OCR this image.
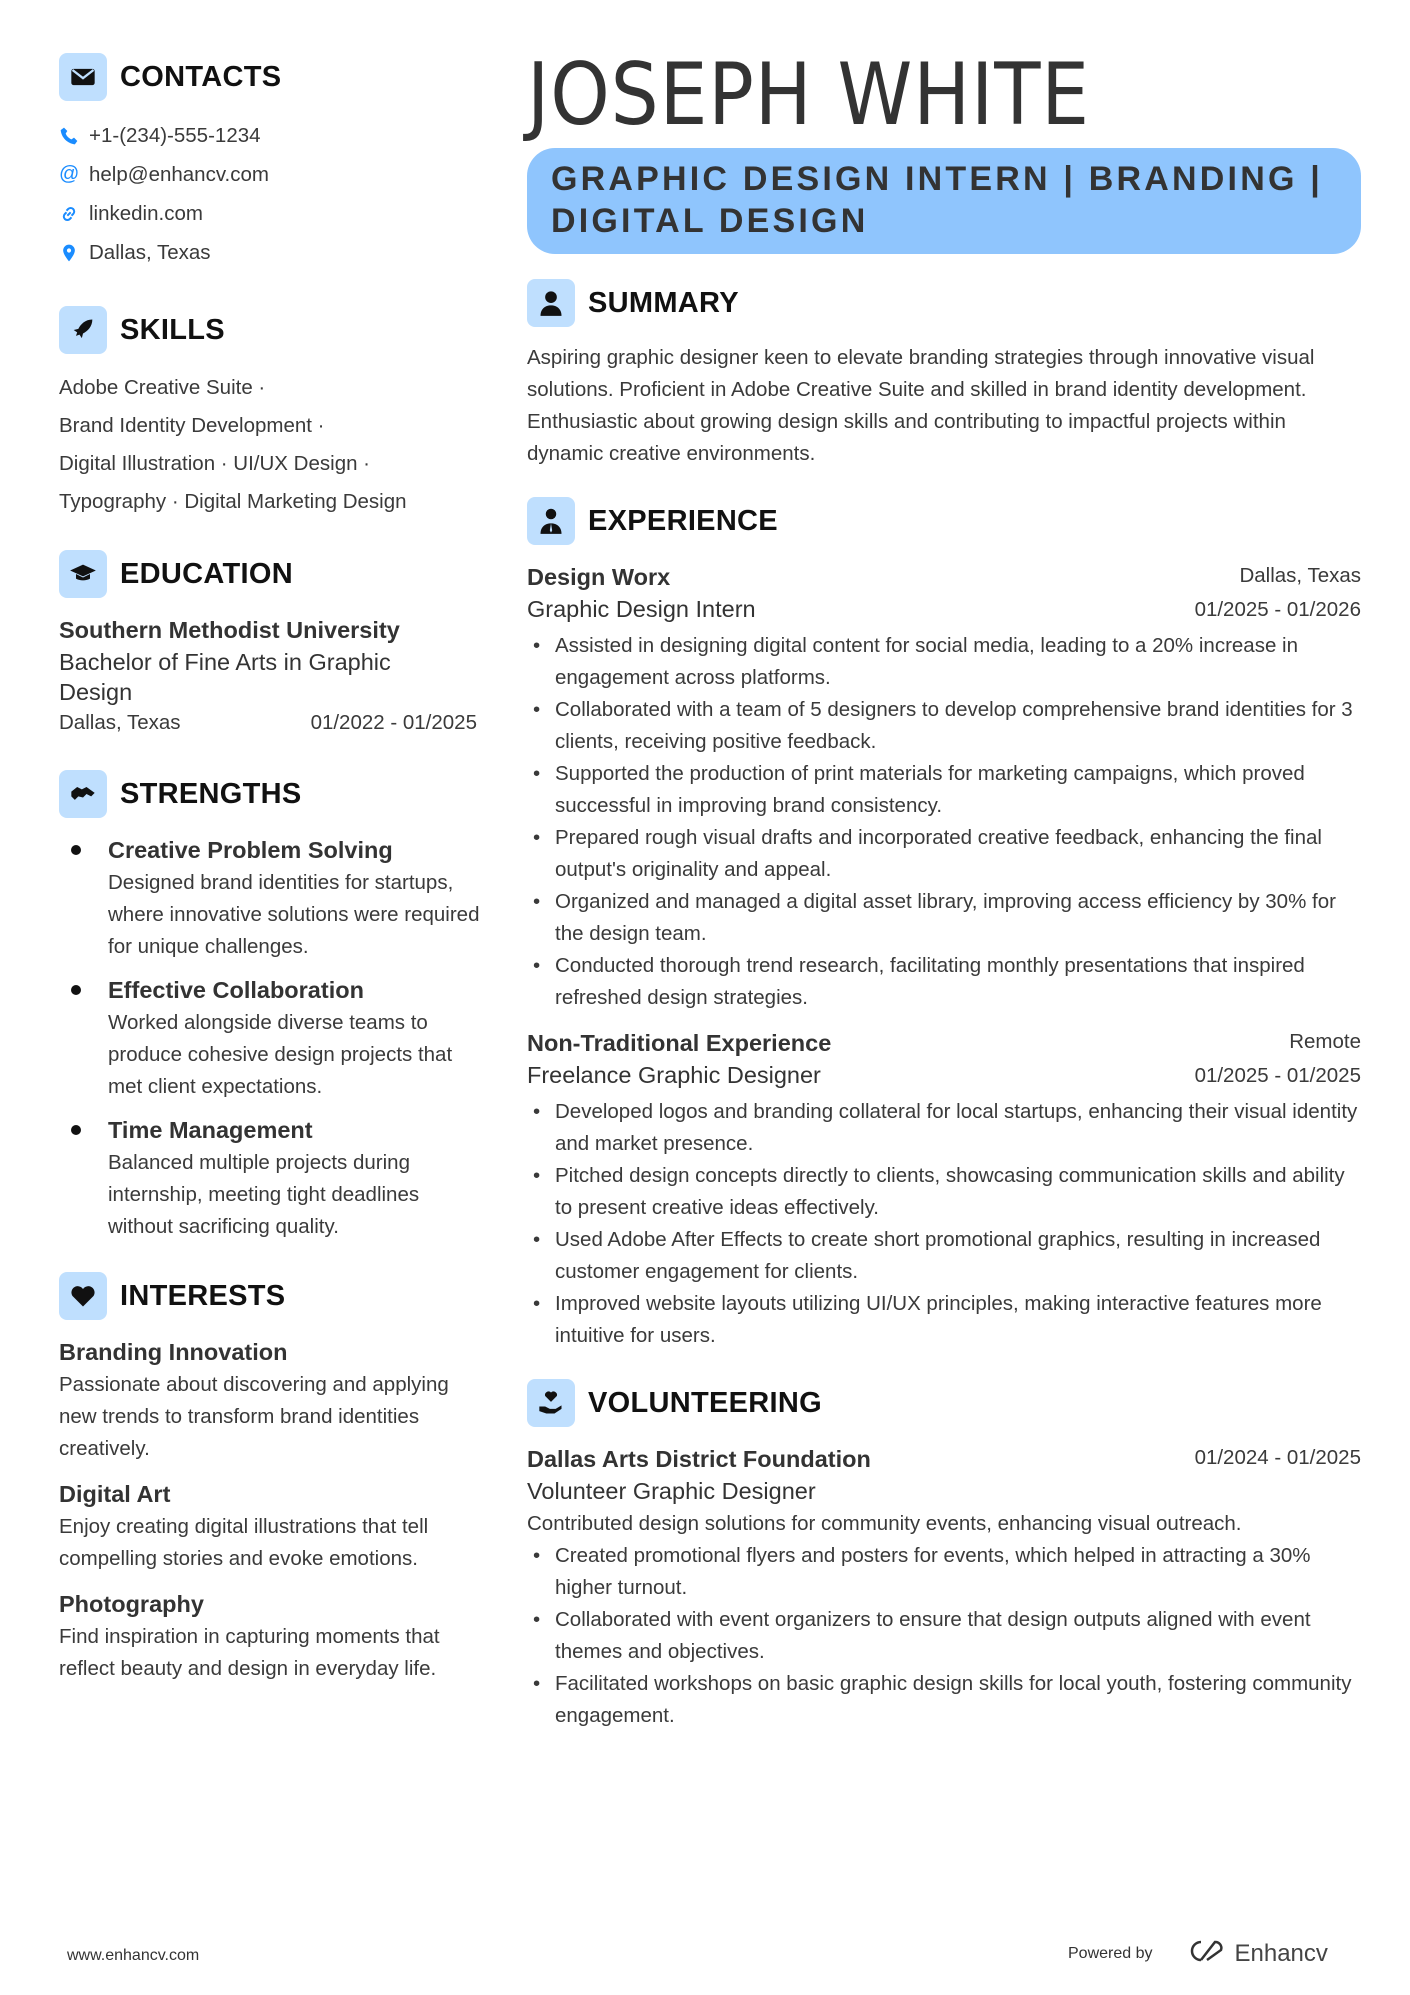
CONTACTS
+1-(234)-555-1234
@ help@enhancv.com
linkedin.com
Dallas, Texas
SKILLS
Adobe Creative Suite ·
Brand Identity Development ·
Digital Illustration · UI/UX Design ·
Typography · Digital Marketing Design
EDUCATION
Southern Methodist University
Bachelor of Fine Arts in Graphic Design
Dallas, Texas	01/2022 - 01/2025
STRENGTHS
Creative Problem Solving
Designed brand identities for startups, where innovative solutions were required for unique challenges.
Effective Collaboration
Worked alongside diverse teams to produce cohesive design projects that met client expectations.
Time Management
Balanced multiple projects during internship, meeting tight deadlines without sacrificing quality.
INTERESTS
Branding Innovation
Passionate about discovering and applying new trends to transform brand identities creatively.
Digital Art
Enjoy creating digital illustrations that tell compelling stories and evoke emotions.
Photography
Find inspiration in capturing moments that reflect beauty and design in everyday life.
JOSEPH WHITE
GRAPHIC DESIGN INTERN | BRANDING | DIGITAL DESIGN
SUMMARY
Aspiring graphic designer keen to elevate branding strategies through innovative visual solutions. Proficient in Adobe Creative Suite and skilled in brand identity development. Enthusiastic about growing design skills and contributing to impactful projects within dynamic creative environments.
EXPERIENCE
Design Worx	Dallas, Texas
Graphic Design Intern	01/2025 - 01/2026
• Assisted in designing digital content for social media, leading to a 20% increase in engagement across platforms.
• Collaborated with a team of 5 designers to develop comprehensive brand identities for 3 clients, receiving positive feedback.
• Supported the production of print materials for marketing campaigns, which proved successful in improving brand consistency.
• Prepared rough visual drafts and incorporated creative feedback, enhancing the final output's originality and appeal.
• Organized and managed a digital asset library, improving access efficiency by 30% for the design team.
• Conducted thorough trend research, facilitating monthly presentations that inspired refreshed design strategies.
Non-Traditional Experience	Remote
Freelance Graphic Designer	01/2025 - 01/2025
• Developed logos and branding collateral for local startups, enhancing their visual identity and market presence.
• Pitched design concepts directly to clients, showcasing communication skills and ability to present creative ideas effectively.
• Used Adobe After Effects to create short promotional graphics, resulting in increased customer engagement for clients.
• Improved website layouts utilizing UI/UX principles, making interactive features more intuitive for users.
VOLUNTEERING
Dallas Arts District Foundation	01/2024 - 01/2025
Volunteer Graphic Designer
Contributed design solutions for community events, enhancing visual outreach.
• Created promotional flyers and posters for events, which helped in attracting a 30% higher turnout.
• Collaborated with event organizers to ensure that design outputs aligned with event themes and objectives.
• Facilitated workshops on basic graphic design skills for local youth, fostering community engagement.
www.enhancv.com	Powered by	Enhancv
